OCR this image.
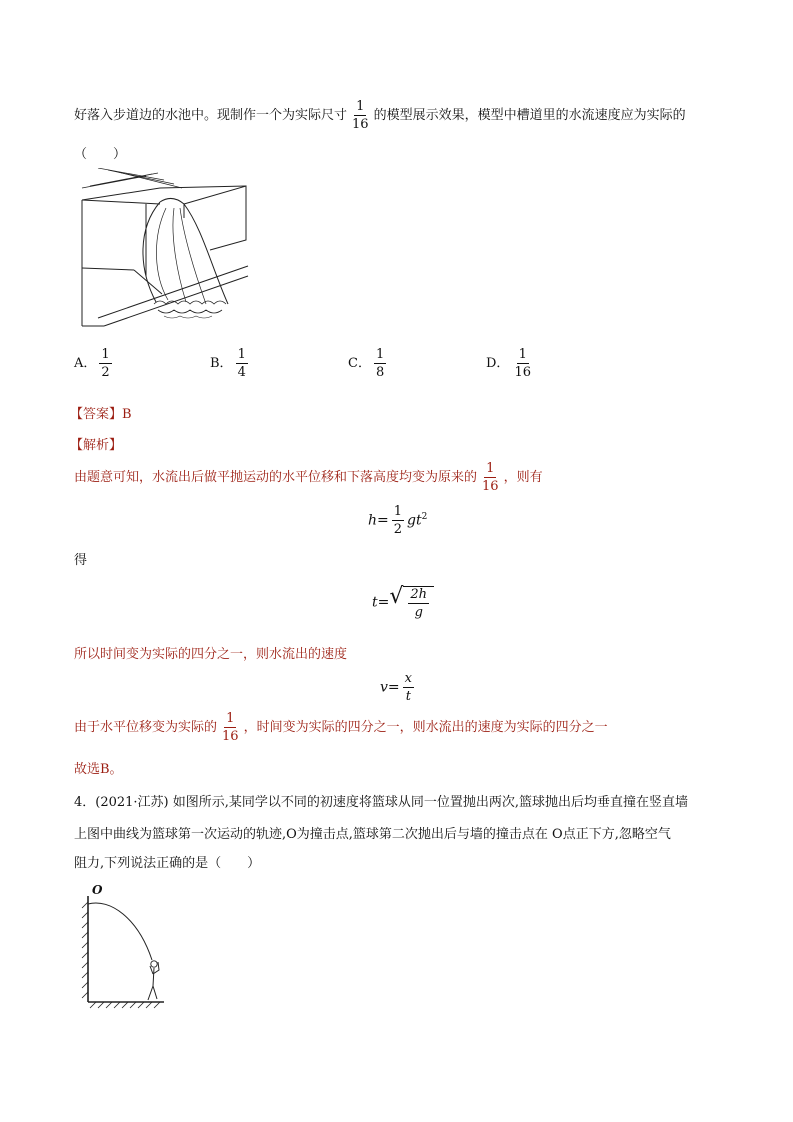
好落入步道边的水池中。现制作一个为实际尺寸 $\frac{1}{16}$ 的模型展示效果，模型中槽道里的水流速度应为实际的
（　　）
A． $\frac{1}{2}$	B． $\frac{1}{4}$	C． $\frac{1}{8}$	D． $\frac{1}{16}$
【答案】B
【解析】
由题意可知，水流出后做平抛运动的水平位移和下落高度均变为原来的 $\frac{1}{16}$ ，则有
$h= \frac{1}{2} gt^2$
得
t= √ $\frac{2h}{g}$
所以时间变为实际的四分之一，则水流出的速度
$v= \frac{x}{t}$
由于水平位移变为实际的 $\frac{1}{16}$ ，时间变为实际的四分之一，则水流出的速度为实际的四分之一
故选B。
4．(2021·江苏) 如图所示,某同学以不同的初速度将篮球从同一位置抛出两次,篮球抛出后均垂直撞在竖直墙
上图中曲线为篮球第一次运动的轨迹,O为撞击点,篮球第二次抛出后与墙的撞击点在 O点正下方,忽略空气
阻力,下列说法正确的是（　　）
O
